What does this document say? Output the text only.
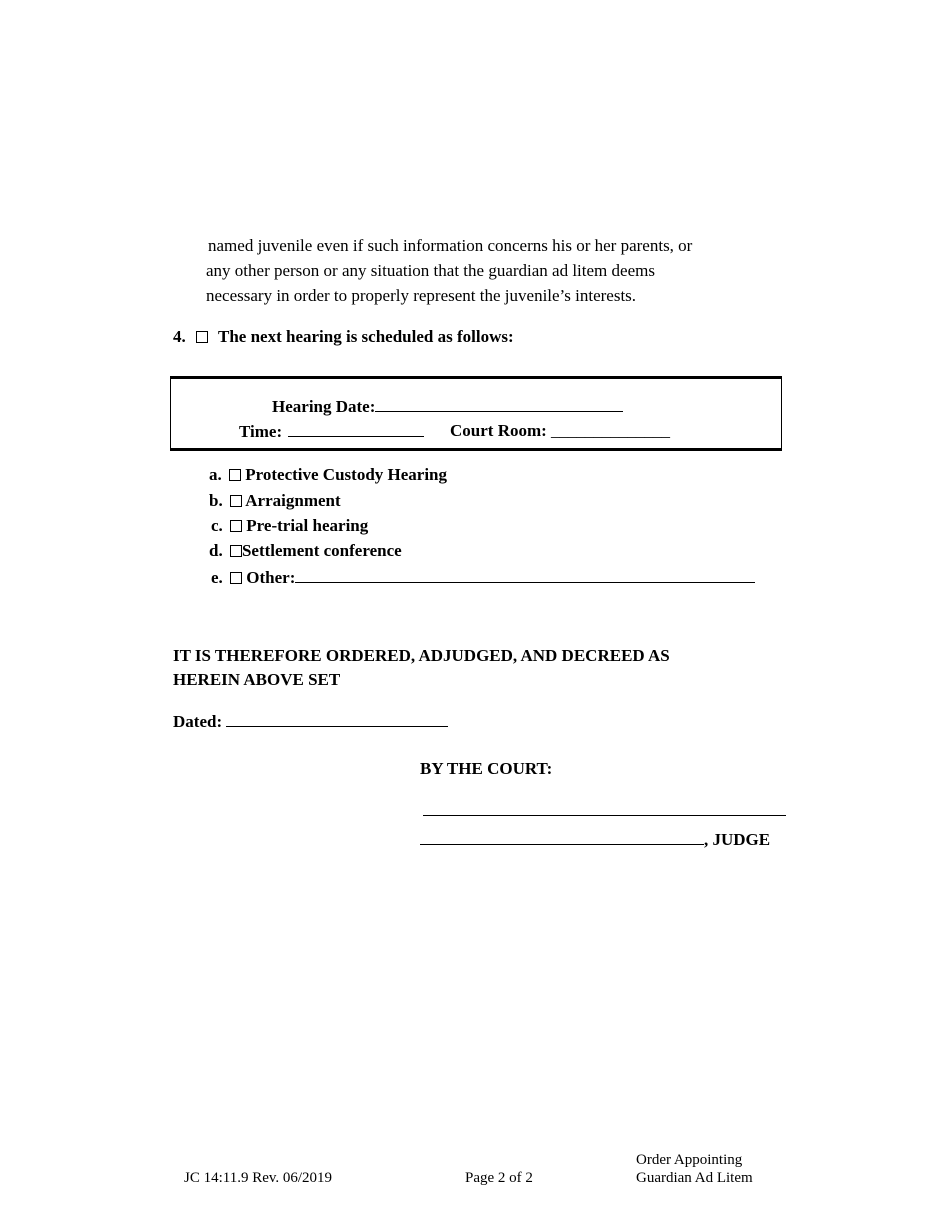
named juvenile even if such information concerns his or her parents, or
any other person or any situation that the guardian ad litem deems
necessary in order to properly represent the juvenile’s interests.
4. The next hearing is scheduled as follows:
Hearing Date:
Time:	Court Room: ______________
a. Protective Custody Hearing
b. Arraignment
c. Pre-trial hearing
d. Settlement conference
e. Other:
IT IS THEREFORE ORDERED, ADJUDGED, AND DECREED AS
HEREIN ABOVE SET
Dated:
BY THE COURT:
, JUDGE
JC 14:11.9 Rev. 06/2019	Page 2 of 2
Order Appointing
Guardian Ad Litem
